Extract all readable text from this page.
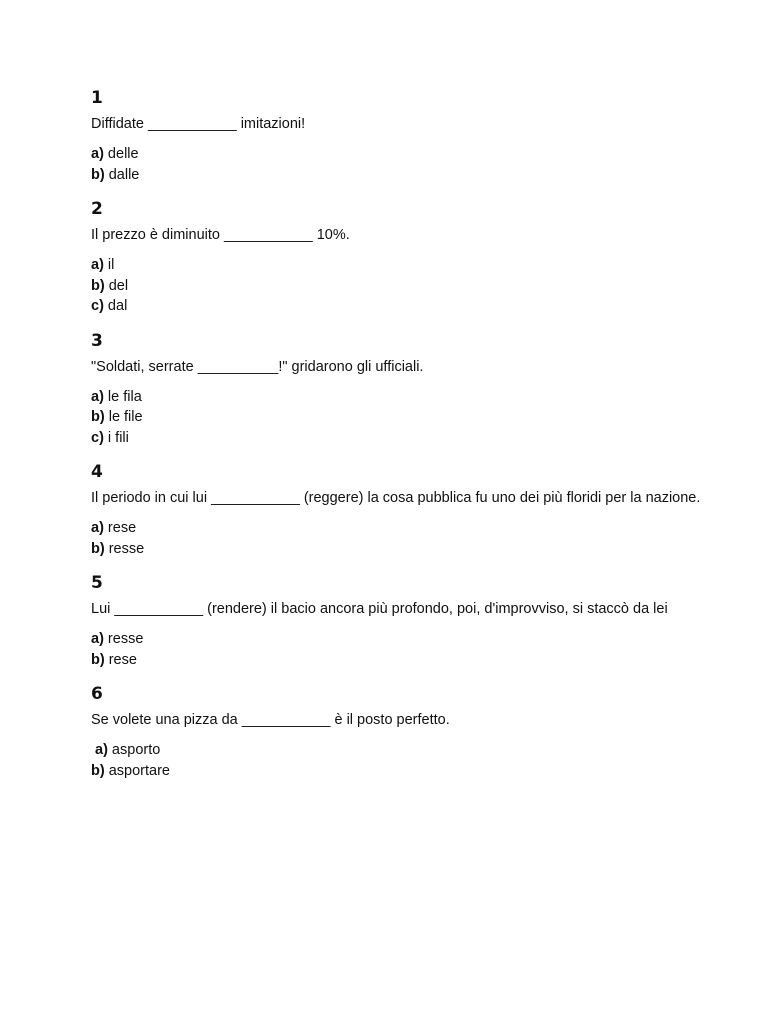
1
Diffidate ___________ imitazioni!
a) delle
b) dalle
2
Il prezzo è diminuito ___________ 10%.
a) il
b) del
c) dal
3
"Soldati, serrate __________!" gridarono gli ufficiali.
a) le fila
b) le file
c) i fili
4
Il periodo in cui lui ___________ (reggere) la cosa pubblica fu uno dei più floridi per la nazione.
a) rese
b) resse
5
Lui ___________ (rendere) il bacio ancora più profondo, poi, d'improvviso, si staccò da lei
a) resse
b) rese
6
Se volete una pizza da ___________ è il posto perfetto.
a) asporto
b) asportare
